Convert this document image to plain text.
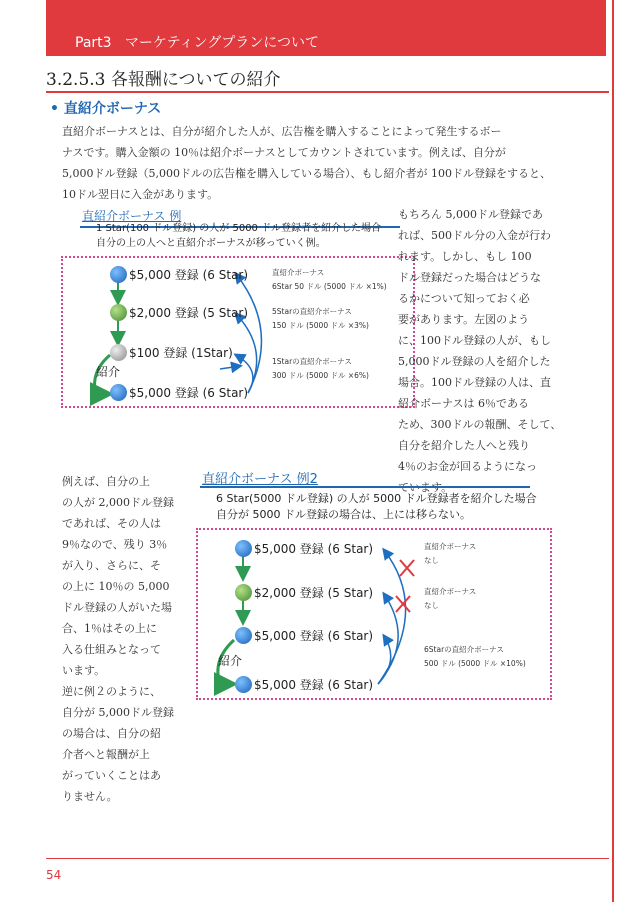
Part3 マーケティングプランについて
3.2.5.3 各報酬についての紹介
• 直紹介ボーナス
直紹介ボーナスとは、自分が紹介した人が、広告権を購入することによって発生するボー
ナスです。購入金額の 10％は紹介ボーナスとしてカウントされています。例えば、自分が
5,000ドル登録（5,000ドルの広告権を購入している場合）、もし紹介者が 100ドル登録をすると、
10ドル翌日に入金があります。
直紹介ボーナス 例
1 Star(100 ドル登録) の人が 5000 ドル登録者を紹介した場合
自分の上の人へと直紹介ボーナスが移っていく例。
$5,000 登録 (6 Star)
$2,000 登録 (5 Star)
$100 登録 (1Star)
紹介
$5,000 登録 (6 Star)
直紹介ボーナス
6Star 50 ドル (5000 ドル ×1%)
5Starの直紹介ボーナス
150 ドル (5000 ドル ×3%)
1Starの直紹介ボーナス
300 ドル (5000 ドル ×6%)
もちろん 5,000ドル登録であ
れば、500ドル分の入金が行わ
れます。しかし、もし 100
ドル登録だった場合はどうな
るかについて知っておく必
要があります。左図のよう
に、100ドル登録の人が、もし
5,000ドル登録の人を紹介した
場合。100ドル登録の人は、直
紹介ボーナスは 6％である
ため、300ドルの報酬、そして、
自分を紹介した人へと残り
4％のお金が回るようになっ
ています。
例えば、自分の上
の人が 2,000ドル登録
であれば、その人は
9％なので、残り 3％
が入り、さらに、そ
の上に 10％の 5,000
ドル登録の人がいた場
合、1％はその上に
入る仕組みとなって
います。
逆に例２のように、
自分が 5,000ドル登録
の場合は、自分の紹
介者へと報酬が上
がっていくことはあ
りません。
直紹介ボーナス 例2
6 Star(5000 ドル登録) の人が 5000 ドル登録者を紹介した場合
自分が 5000 ドル登録の場合は、上には移らない。
$5,000 登録 (6 Star)
$2,000 登録 (5 Star)
$5,000 登録 (6 Star)
紹介
$5,000 登録 (6 Star)
直紹介ボーナス
なし
直紹介ボーナス
なし
6Starの直紹介ボーナス
500 ドル (5000 ドル ×10%)
54
